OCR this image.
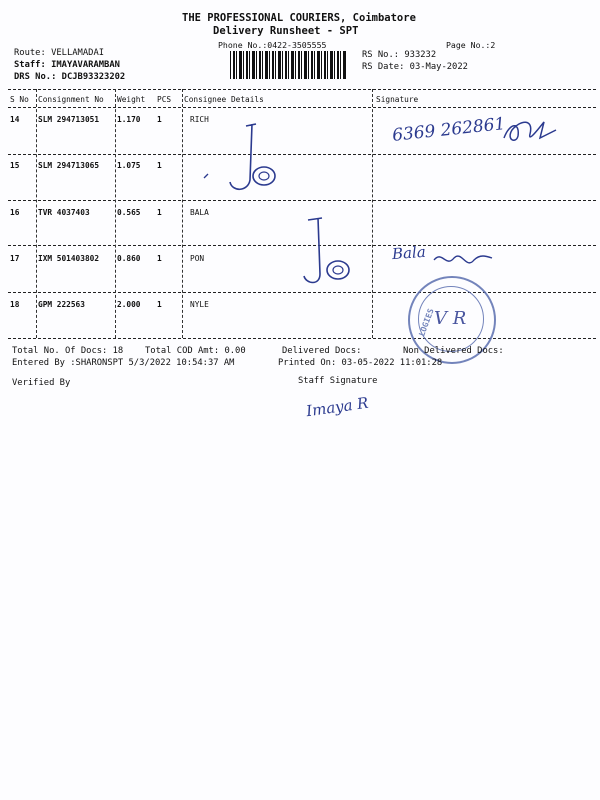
THE PROFESSIONAL COURIERS, Coimbatore
Delivery Runsheet - SPT
Phone No.:0422-3505555	Page No.:2
Route: VELLAMADAI
Staff: IMAYAVARAMBAN
DRS No.: DCJB93323202
RS No.: 933232
RS Date: 03-May-2022
S No Consignment No Weight PCS Consignee Details	Signature
14 SLM 294713051 1.170 1	RICH
15 SLM 294713065 1.075 1
16 TVR 4037403	0.565 1	BALA
17 IXM 501403802 0.860 1	PON
18 GPM 222563	2.000 1	NYLE
6369 262861
Bala
LOGIES
V R
Total No. Of Docs: 18 Total COD Amt: 0.00	Delivered Docs:	Non Delivered Docs:
Entered By :SHARONSPT 5/3/2022 10:54:37 AM	Printed On: 03-05-2022 11:01:28
Verified By	Staff Signature
Imaya R
